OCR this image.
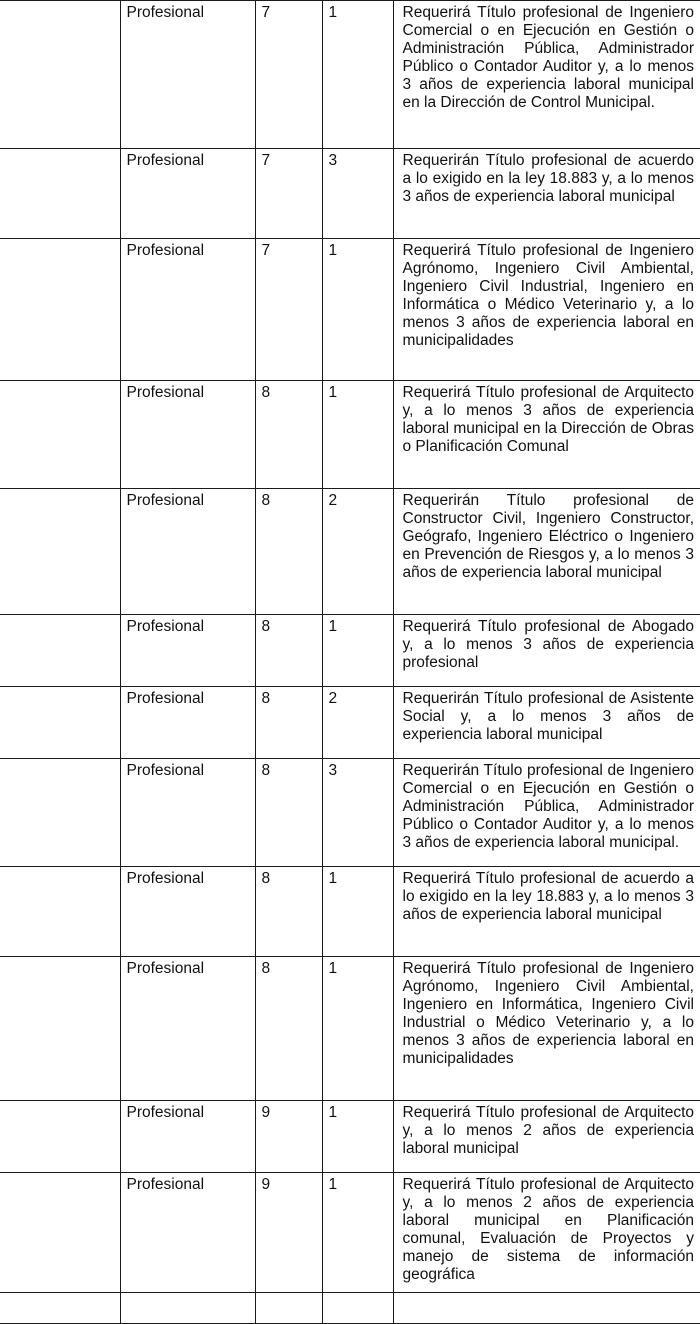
	Profesional	7	1	Requerirá Título profesional de Ingeniero Comercial o en Ejecución en Gestión o Administración Pública, Administrador Público o Contador Auditor y, a lo menos 3 años de experiencia laboral municipal en la Dirección de Control Municipal.
	Profesional	7	3	Requerirán Título profesional de acuerdo a lo exigido en la ley 18.883 y, a lo menos 3 años de experiencia laboral municipal
	Profesional	7	1	Requerirá Título profesional de Ingeniero Agrónomo, Ingeniero Civil Ambiental, Ingeniero Civil Industrial, Ingeniero en Informática o Médico Veterinario y, a lo menos 3 años de experiencia laboral en municipalidades
	Profesional	8	1	Requerirá Título profesional de Arquitecto y, a lo menos 3 años de experiencia laboral municipal en la Dirección de Obras o Planificación Comunal
	Profesional	8	2	Requerirán Título profesional de Constructor Civil, Ingeniero Constructor, Geógrafo, Ingeniero Eléctrico o Ingeniero en Prevención de Riesgos y, a lo menos 3 años de experiencia laboral municipal
	Profesional	8	1	Requerirá Título profesional de Abogado y, a lo menos 3 años de experiencia profesional
	Profesional	8	2	Requerirán Título profesional de Asistente Social y, a lo menos 3 años de experiencia laboral municipal
	Profesional	8	3	Requerirán Título profesional de Ingeniero Comercial o en Ejecución en Gestión o Administración Pública, Administrador Público o Contador Auditor y, a lo menos 3 años de experiencia laboral municipal.
	Profesional	8	1	Requerirá Título profesional de acuerdo a lo exigido en la ley 18.883 y, a lo menos 3 años de experiencia laboral municipal
	Profesional	8	1	Requerirá Título profesional de Ingeniero Agrónomo, Ingeniero Civil Ambiental, Ingeniero en Informática, Ingeniero Civil Industrial o Médico Veterinario y, a lo menos 3 años de experiencia laboral en municipalidades
	Profesional	9	1	Requerirá Título profesional de Arquitecto y, a lo menos 2 años de experiencia laboral municipal
	Profesional	9	1	Requerirá Título profesional de Arquitecto y, a lo menos 2 años de experiencia laboral municipal en Planificación comunal, Evaluación de Proyectos y manejo de sistema de información geográfica
